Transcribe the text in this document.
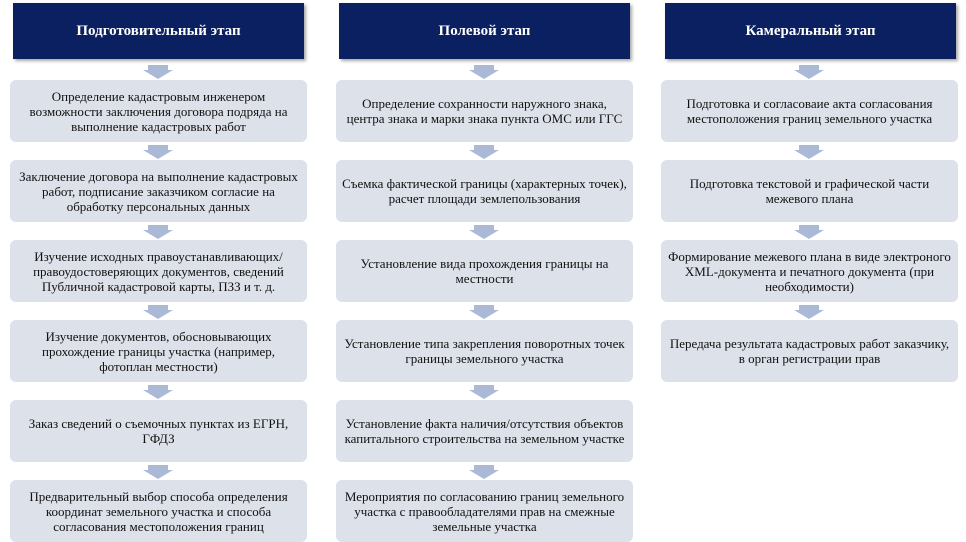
Подготовительный этап
Определение кадастровым инженером возможности заключения договора подряда на выполнение кадастровых работ
Заключение договора на выполнение кадастровых работ, подписание заказчиком согласие на обработку персональных данных
Изучение исходных правоустанавливающих/ правоудостоверяющих документов, сведений Публичной кадастровой карты, ПЗЗ и т. д.
Изучение документов, обосновывающих прохождение границы участка (например, фотоплан местности)
Заказ сведений о съемочных пунктах из ЕГРН, ГФДЗ
Предварительный выбор способа определения координат земельного участка и способа согласования местоположения границ
Полевой этап
Определение сохранности наружного знака, центра знака и марки знака пункта ОМС или ГГС
Съемка фактической границы (характерных точек), расчет площади землепользования
Установление вида прохождения границы на местности
Установление типа закрепления поворотных точек границы земельного участка
Установление факта наличия/отсутствия объектов капитального строительства на земельном участке
Мероприятия по согласованию границ земельного участка с правообладателями прав на смежные земельные участка
Камеральный этап
Подготовка и согласоваие акта согласования местоположения границ земельного участка
Подготовка текстовой и графической части межевого плана
Формирование межевого плана в виде электроного XML-документа и печатного документа (при необходимости)
Передача результата кадастровых работ заказчику, в орган регистрации прав
